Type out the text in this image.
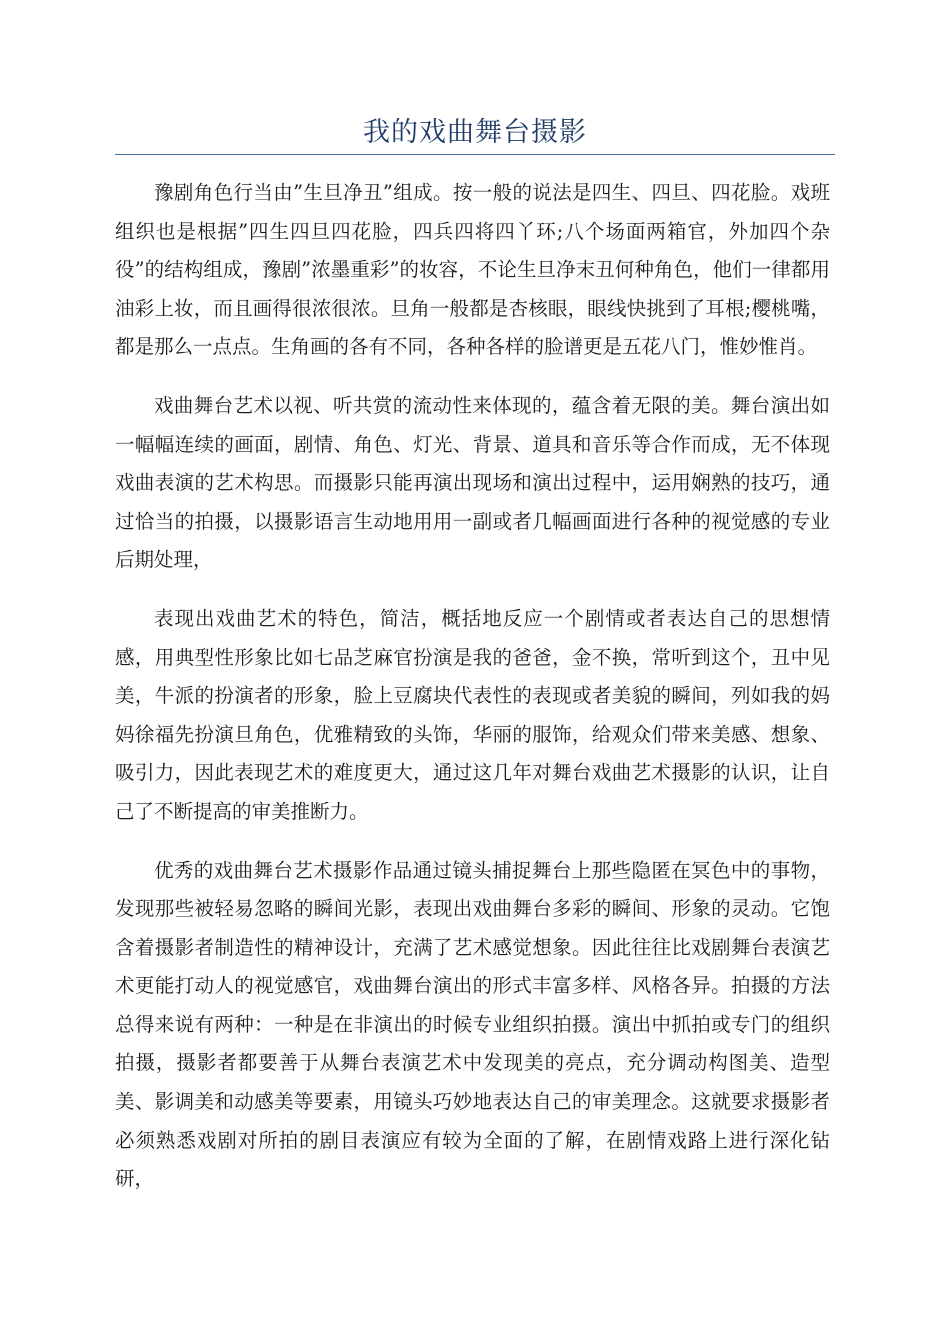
我的戏曲舞台摄影

豫剧角色行当由”生旦净丑”组成。按一般的说法是四生、四旦、四花脸。戏班组织也是根据”四生四旦四花脸，四兵四将四丫环;八个场面两箱官，外加四个杂役”的结构组成，豫剧”浓墨重彩”的妆容，不论生旦净末丑何种角色，他们一律都用油彩上妆，而且画得很浓很浓。旦角一般都是杏核眼，眼线快挑到了耳根;樱桃嘴，都是那么一点点。生角画的各有不同，各种各样的脸谱更是五花八门，惟妙惟肖。

戏曲舞台艺术以视、听共赏的流动性来体现的，蕴含着无限的美。舞台演出如一幅幅连续的画面，剧情、角色、灯光、背景、道具和音乐等合作而成，无不体现戏曲表演的艺术构思。而摄影只能再演出现场和演出过程中，运用娴熟的技巧，通过恰当的拍摄，以摄影语言生动地用用一副或者几幅画面进行各种的视觉感的专业后期处理，

表现出戏曲艺术的特色，简洁，概括地反应一个剧情或者表达自己的思想情感，用典型性形象比如七品芝麻官扮演是我的爸爸，金不换，常听到这个，丑中见美，牛派的扮演者的形象，脸上豆腐块代表性的表现或者美貌的瞬间，列如我的妈妈徐福先扮演旦角色，优雅精致的头饰，华丽的服饰，给观众们带来美感、想象、吸引力，因此表现艺术的难度更大，通过这几年对舞台戏曲艺术摄影的认识，让自己了不断提高的审美推断力。

优秀的戏曲舞台艺术摄影作品通过镜头捕捉舞台上那些隐匿在冥色中的事物，发现那些被轻易忽略的瞬间光影，表现出戏曲舞台多彩的瞬间、形象的灵动。它饱含着摄影者制造性的精神设计，充满了艺术感觉想象。因此往往比戏剧舞台表演艺术更能打动人的视觉感官，戏曲舞台演出的形式丰富多样、风格各异。拍摄的方法总得来说有两种：一种是在非演出的时候专业组织拍摄。演出中抓拍或专门的组织拍摄，摄影者都要善于从舞台表演艺术中发现美的亮点，充分调动构图美、造型美、影调美和动感美等要素，用镜头巧妙地表达自己的审美理念。这就要求摄影者必须熟悉戏剧对所拍的剧目表演应有较为全面的了解，在剧情戏路上进行深化钻研，
